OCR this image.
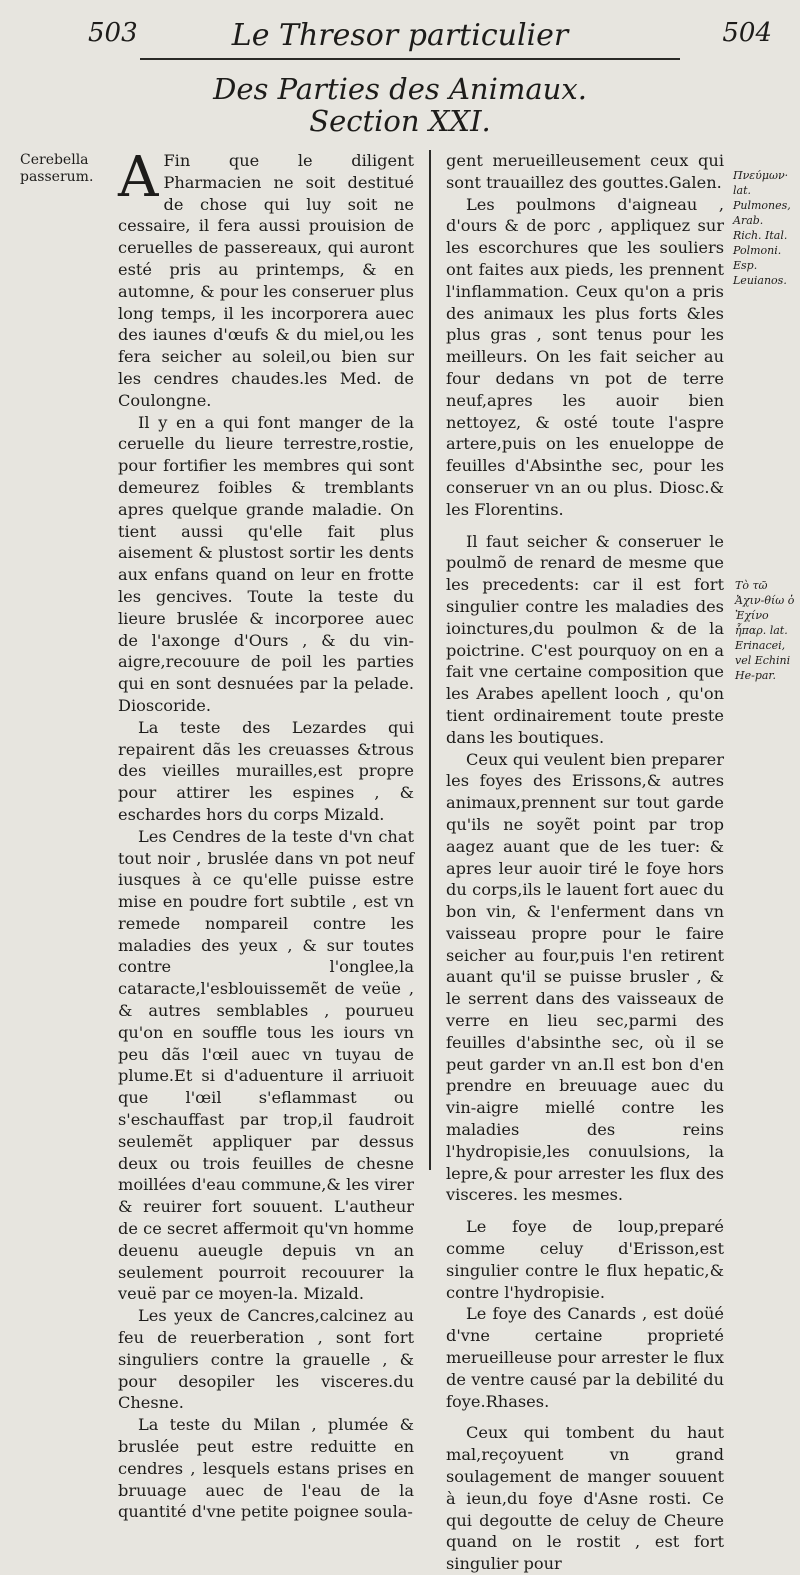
503	Le Thresor particulier	504
Des Parties des Animaux.
Section XXI.
Cerebella passerum.	Πνεύμων· lat. Pulmones, Arab. Rich. Ital. Polmoni. Esp. Leuianos.
Τὸ τῶ Ἀχιν-θίω ὁ Ἐχίνο ἧπαρ. lat. Erinacei, vel Echini He-par.

A Fin que le diligent Pharmacien ne soit destitué de chose qui luy soit ne cessaire, il fera aussi prouision de ceruelles de passereaux, qui auront esté pris au printemps, & en automne, & pour les conseruer plus long temps, il les incorporera auec des iaunes d'œufs & du miel,ou les fera seicher au soleil,ou bien sur les cendres chaudes.les Med. de Coulongne.

Il y en a qui font manger de la ceruelle du lieure terrestre,rostie, pour fortifier les membres qui sont demeurez foibles & tremblants apres quelque grande maladie. On tient aussi qu'elle fait plus aisement & plustost sortir les dents aux enfans quand on leur en frotte les gencives. Toute la teste du lieure bruslée & incorporee auec de l'axonge d'Ours , & du vin-aigre,recouure de poil les parties qui en sont desnuées par la pelade. Dioscoride.

La teste des Lezardes qui repairent dãs les creuasses &trous des vieilles murailles,est propre pour attirer les espines , & eschardes hors du corps Mizald.

Les Cendres de la teste d'vn chat tout noir , bruslée dans vn pot neuf iusques à ce qu'elle puisse estre mise en poudre fort subtile , est vn remede nompareil contre les maladies des yeux , & sur toutes contre l'onglee,la cataracte,l'esblouissemẽt de veüe , & autres semblables , pourueu qu'on en souffle tous les iours vn peu dãs l'œil auec vn tuyau de plume.Et si d'aduenture il arriuoit que l'œil s'eflammast ou s'eschauffast par trop,il faudroit seulemẽt appliquer par dessus deux ou trois feuilles de chesne moillées d'eau commune,& les virer & reuirer fort souuent. L'autheur de ce secret affermoit qu'vn homme deuenu aueugle depuis vn an seulement pourroit recouurer la veuë par ce moyen-la. Mizald.

Les yeux de Cancres,calcinez au feu de reuerberation , sont fort singuliers contre la grauelle , & pour desopiler les visceres.du Chesne.

La teste du Milan , plumée & bruslée peut estre reduitte en cendres , lesquels estans prises en bruuage auec de l'eau de la quantité d'vne petite poignee soula-

gent merueilleusement ceux qui sont trauaillez des gouttes.Galen.

Les poulmons d'aigneau , d'ours & de porc , appliquez sur les escorchures que les souliers ont faites aux pieds, les prennent l'inflammation. Ceux qu'on a pris des animaux les plus forts &les plus gras , sont tenus pour les meilleurs. On les fait seicher au four dedans vn pot de terre neuf,apres les auoir bien nettoyez, & osté toute l'aspre artere,puis on les enueloppe de feuilles d'Absinthe sec, pour les conseruer vn an ou plus. Diosc.& les Florentins.

Il faut seicher & conseruer le poulmõ de renard de mesme que les precedents: car il est fort singulier contre les maladies des ioinctures,du poulmon & de la poictrine. C'est pourquoy on en a fait vne certaine composition que les Arabes apellent looch , qu'on tient ordinairement toute preste dans les boutiques.

Ceux qui veulent bien preparer les foyes des Erissons,& autres animaux,prennent sur tout garde qu'ils ne soyẽt point par trop aagez auant que de les tuer: & apres leur auoir tiré le foye hors du corps,ils le lauent fort auec du bon vin, & l'enferment dans vn vaisseau propre pour le faire seicher au four,puis l'en retirent auant qu'il se puisse brusler , & le serrent dans des vaisseaux de verre en lieu sec,parmi des feuilles d'absinthe sec, où il se peut garder vn an.Il est bon d'en prendre en breuuage auec du vin-aigre miellé contre les maladies des reins l'hydropisie,les conuulsions, la lepre,& pour arrester les flux des visceres. les mesmes.

Le foye de loup,preparé comme celuy d'Erisson,est singulier contre le flux hepatic,& contre l'hydropisie.

Le foye des Canards , est doüé d'vne certaine proprieté merueilleuse pour arrester le flux de ventre causé par la debilité du foye.Rhases.

Ceux qui tombent du haut mal,reçoyuent vn grand soulagement de manger souuent à ieun,du foye d'Asne rosti. Ce qui degoutte de celuy de Cheure quand on le rostit , est fort singulier pour
